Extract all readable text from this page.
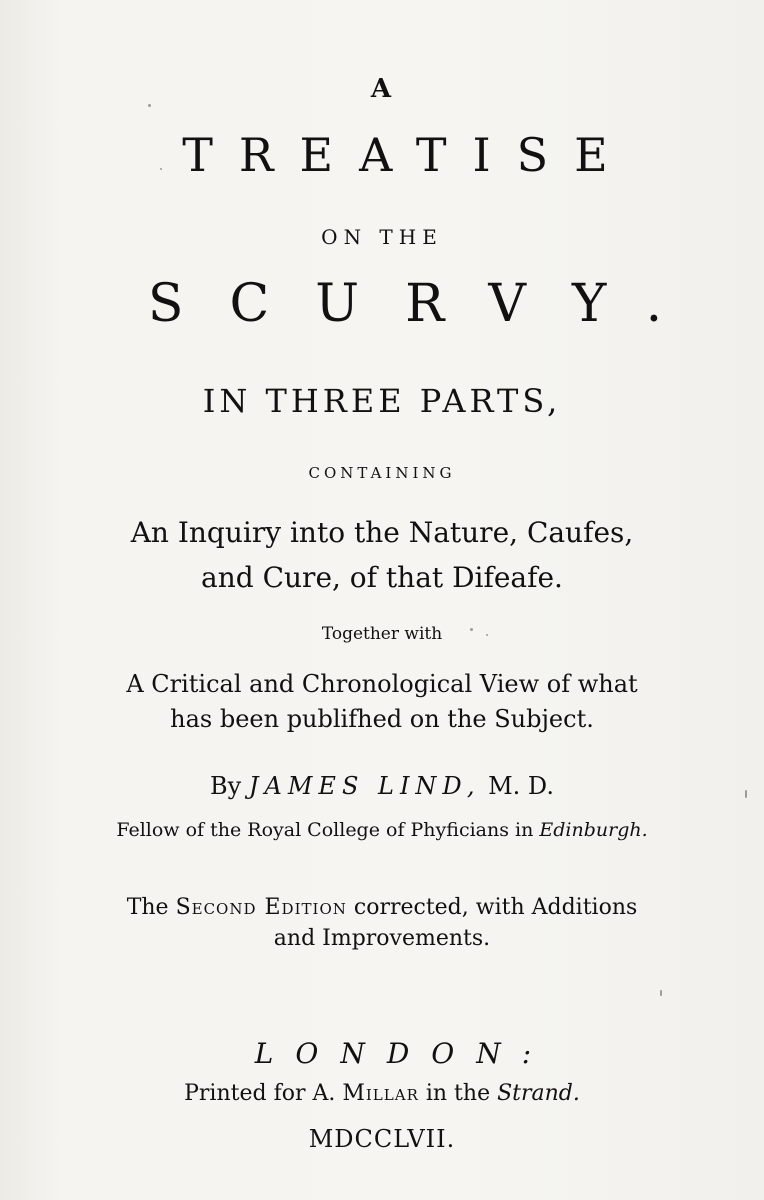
A
TREATISE
ON THE
SCURVY.
IN THREE PARTS,
CONTAINING
An Inquiry into the Nature, Caufes,
and Cure, of that Difeafe.
Together with
A Critical and Chronological View of what
has been publifhed on the Subject.
By JAMES LIND, M. D.
Fellow of the Royal College of Phyficians in Edinburgh.
The Second Edition corrected, with Additions
and Improvements.
LONDON:
Printed for A. Millar in the Strand.
MDCCLVII.
